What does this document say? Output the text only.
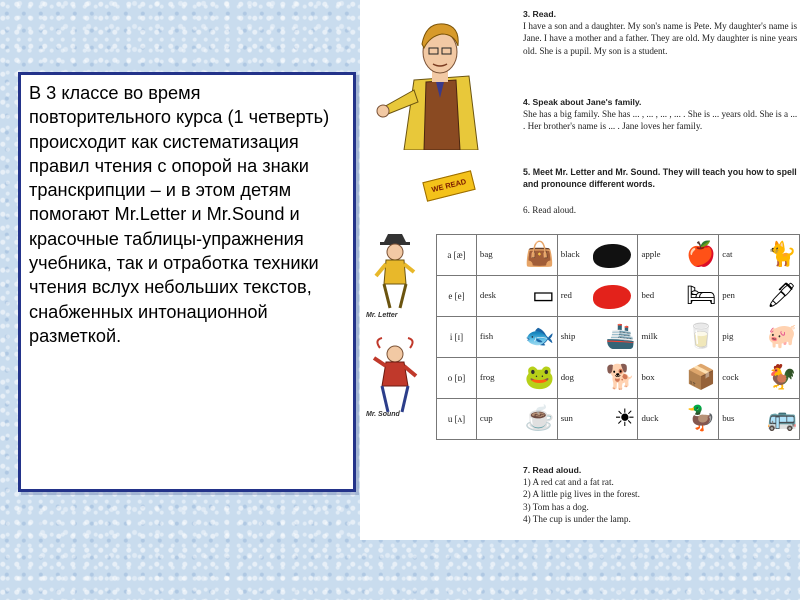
В 3 классе во время повторительного курса (1 четверть) происходит как систематизация правил чтения с опорой на знаки транскрипции – и в этом детям помогают Mr.Letter и Mr.Sound и красочные таблицы-упражнения учебника, так и отработка техники чтения вслух небольших текстов, снабженных интонационной разметкой.

3. Read.
I have a son and a daughter. My son's name is Pete. My daughter's name is Jane. I have a mother and a father. They are old. My daughter is nine years old. She is a pupil. My son is a student.
4. Speak about Jane's family.
She has a big family. She has ... , ... , ... , ... . She is ... years old. She is a ... . Her brother's name is ... . Jane loves her family.
WE READ
5. Meet Mr. Letter and Mr. Sound. They will teach you how to spell and pronounce different words.
6. Read aloud.
Mr. Letter
Mr. Sound
a [æ]	bag 👜	black	apple 🍎	cat 🐈

e [e]	desk ▭	red	bed 🛏	pen 🖊

i [ɪ]	fish 🐟	ship 🚢	milk 🥛	pig 🐖

o [ɒ]	frog 🐸	dog 🐕	box 📦	cock 🐓

u [ʌ]	cup ☕	sun ☀	duck 🦆	bus 🚌
7. Read aloud.
1) A red cat and a fat rat.
2) A little pig lives in the forest.
3) Tom has a dog.
4) The cup is under the lamp.
